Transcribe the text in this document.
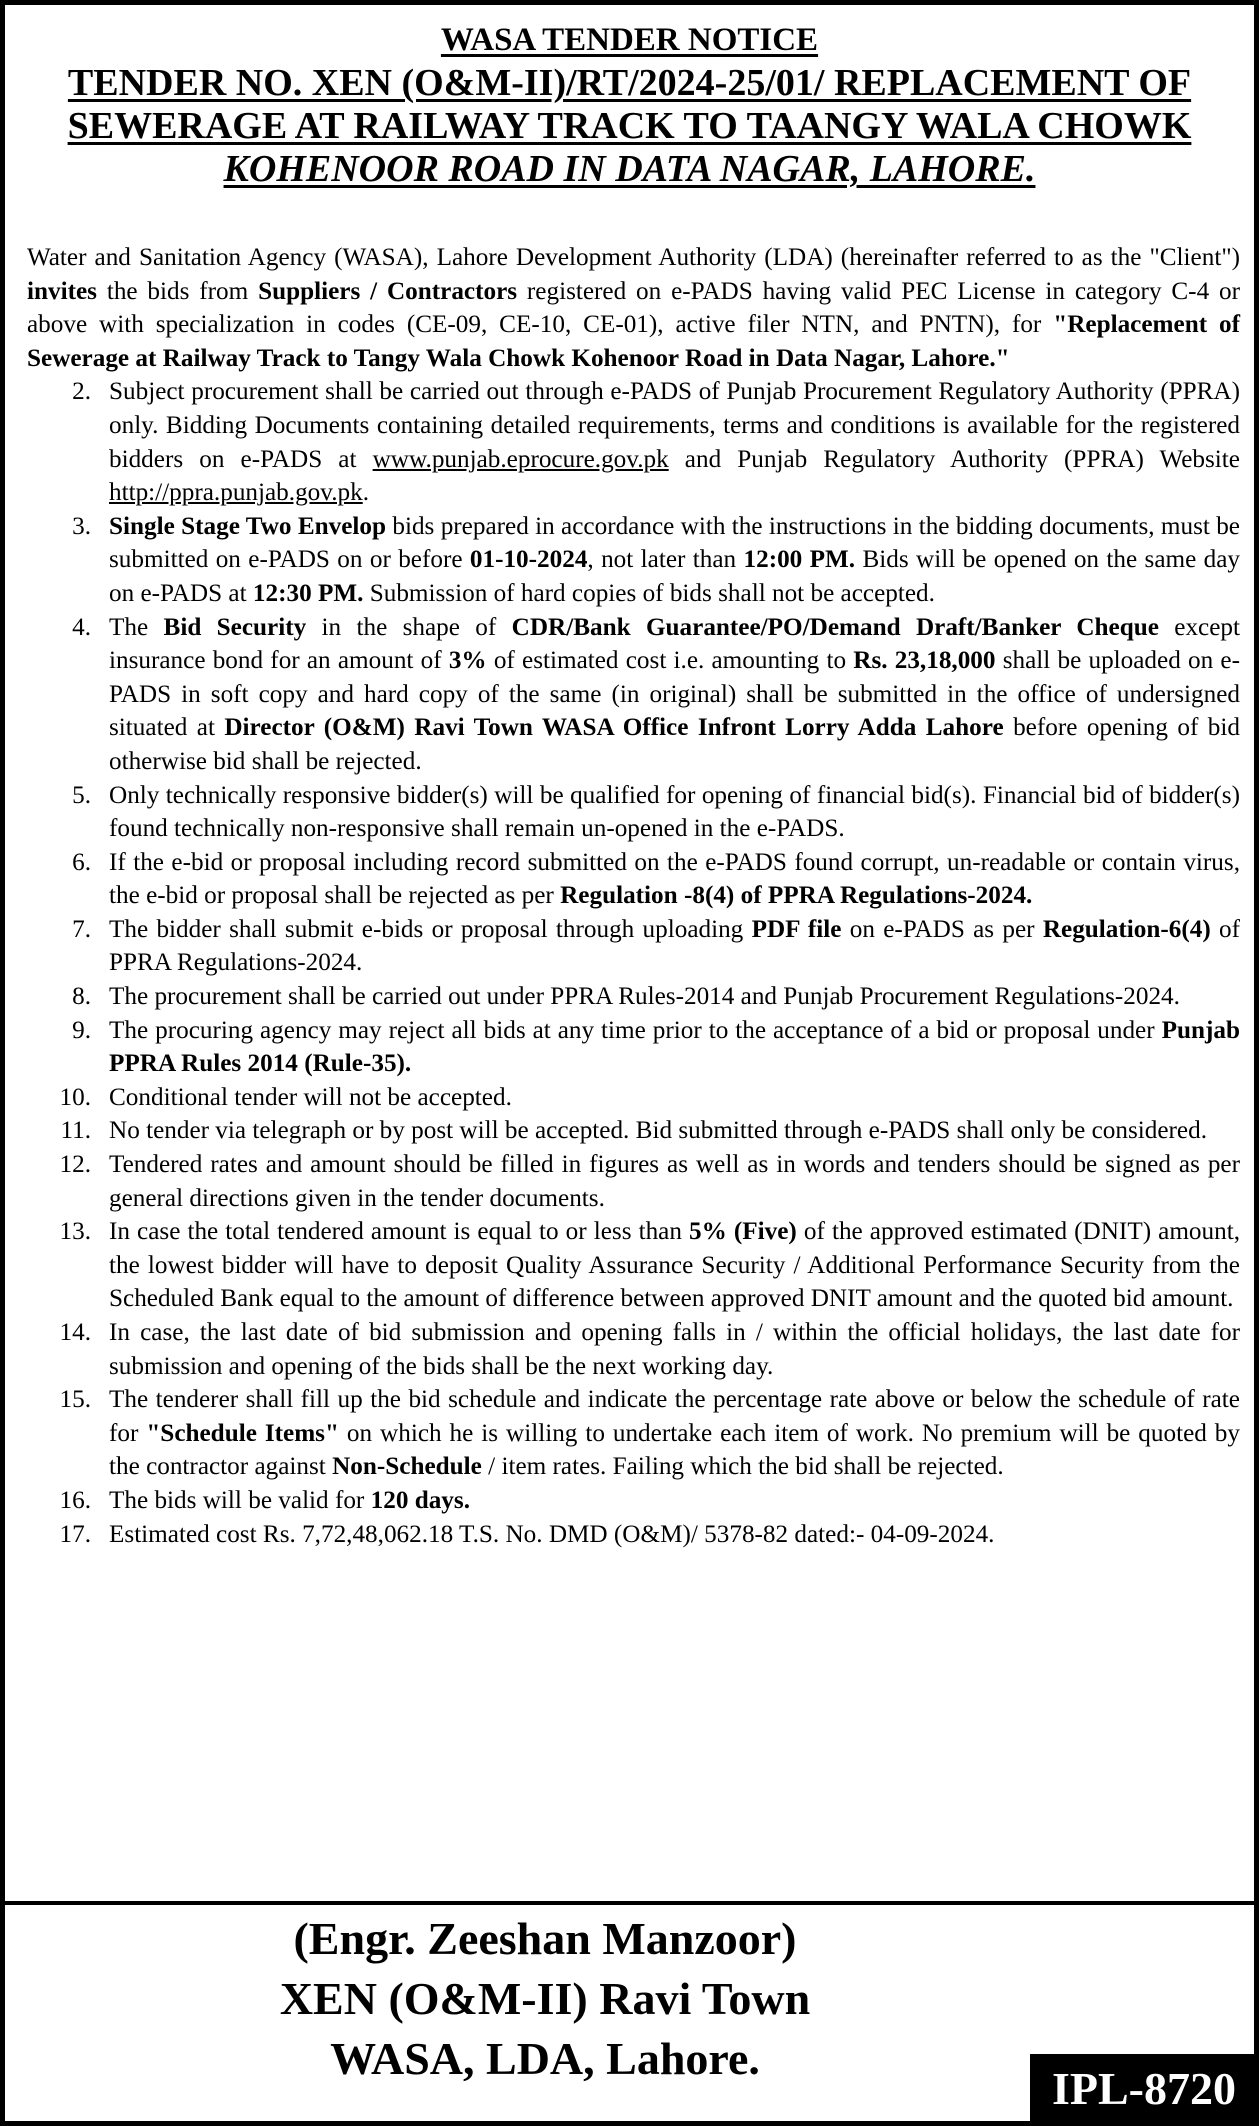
WASA TENDER NOTICE
TENDER NO. XEN (O&M-II)/RT/2024-25/01/ REPLACEMENT OF
SEWERAGE AT RAILWAY TRACK TO TAANGY WALA CHOWK
KOHENOOR ROAD IN DATA NAGAR, LAHORE.

Water and Sanitation Agency (WASA), Lahore Development Authority (LDA) (hereinafter referred to as the "Client") invites the bids from Suppliers / Contractors registered on e-PADS having valid PEC License in category C-4 or above with specialization in codes (CE-09, CE-10, CE-01), active filer NTN, and PNTN), for "Replacement of Sewerage at Railway Track to Tangy Wala Chowk Kohenoor Road in Data Nagar, Lahore."

2. Subject procurement shall be carried out through e-PADS of Punjab Procurement Regulatory Authority (PPRA) only. Bidding Documents containing detailed requirements, terms and conditions is available for the registered bidders on e-PADS at www.punjab.eprocure.gov.pk and Punjab Regulatory Authority (PPRA) Website http://ppra.punjab.gov.pk.
3. Single Stage Two Envelop bids prepared in accordance with the instructions in the bidding documents, must be submitted on e-PADS on or before 01-10-2024, not later than 12:00 PM. Bids will be opened on the same day on e-PADS at 12:30 PM. Submission of hard copies of bids shall not be accepted.
4. The Bid Security in the shape of CDR/Bank Guarantee/PO/Demand Draft/Banker Cheque except insurance bond for an amount of 3% of estimated cost i.e. amounting to Rs. 23,18,000 shall be uploaded on e-PADS in soft copy and hard copy of the same (in original) shall be submitted in the office of undersigned situated at Director (O&M) Ravi Town WASA Office Infront Lorry Adda Lahore before opening of bid otherwise bid shall be rejected.
5. Only technically responsive bidder(s) will be qualified for opening of financial bid(s). Financial bid of bidder(s) found technically non-responsive shall remain un-opened in the e-PADS.
6. If the e-bid or proposal including record submitted on the e-PADS found corrupt, un-readable or contain virus, the e-bid or proposal shall be rejected as per Regulation -8(4) of PPRA Regulations-2024.
7. The bidder shall submit e-bids or proposal through uploading PDF file on e-PADS as per Regulation-6(4) of PPRA Regulations-2024.
8. The procurement shall be carried out under PPRA Rules-2014 and Punjab Procurement Regulations-2024.
9. The procuring agency may reject all bids at any time prior to the acceptance of a bid or proposal under Punjab PPRA Rules 2014 (Rule-35).
10. Conditional tender will not be accepted.
11. No tender via telegraph or by post will be accepted. Bid submitted through e-PADS shall only be considered.
12. Tendered rates and amount should be filled in figures as well as in words and tenders should be signed as per general directions given in the tender documents.
13. In case the total tendered amount is equal to or less than 5% (Five) of the approved estimated (DNIT) amount, the lowest bidder will have to deposit Quality Assurance Security / Additional Performance Security from the Scheduled Bank equal to the amount of difference between approved DNIT amount and the quoted bid amount.
14. In case, the last date of bid submission and opening falls in / within the official holidays, the last date for submission and opening of the bids shall be the next working day.
15. The tenderer shall fill up the bid schedule and indicate the percentage rate above or below the schedule of rate for "Schedule Items" on which he is willing to undertake each item of work. No premium will be quoted by the contractor against Non-Schedule / item rates. Failing which the bid shall be rejected.
16. The bids will be valid for 120 days.
17. Estimated cost Rs. 7,72,48,062.18 T.S. No. DMD (O&M)/ 5378-82 dated:- 04-09-2024.
(Engr. Zeeshan Manzoor)
XEN (O&M-II) Ravi Town
WASA, LDA, Lahore.
IPL-8720
